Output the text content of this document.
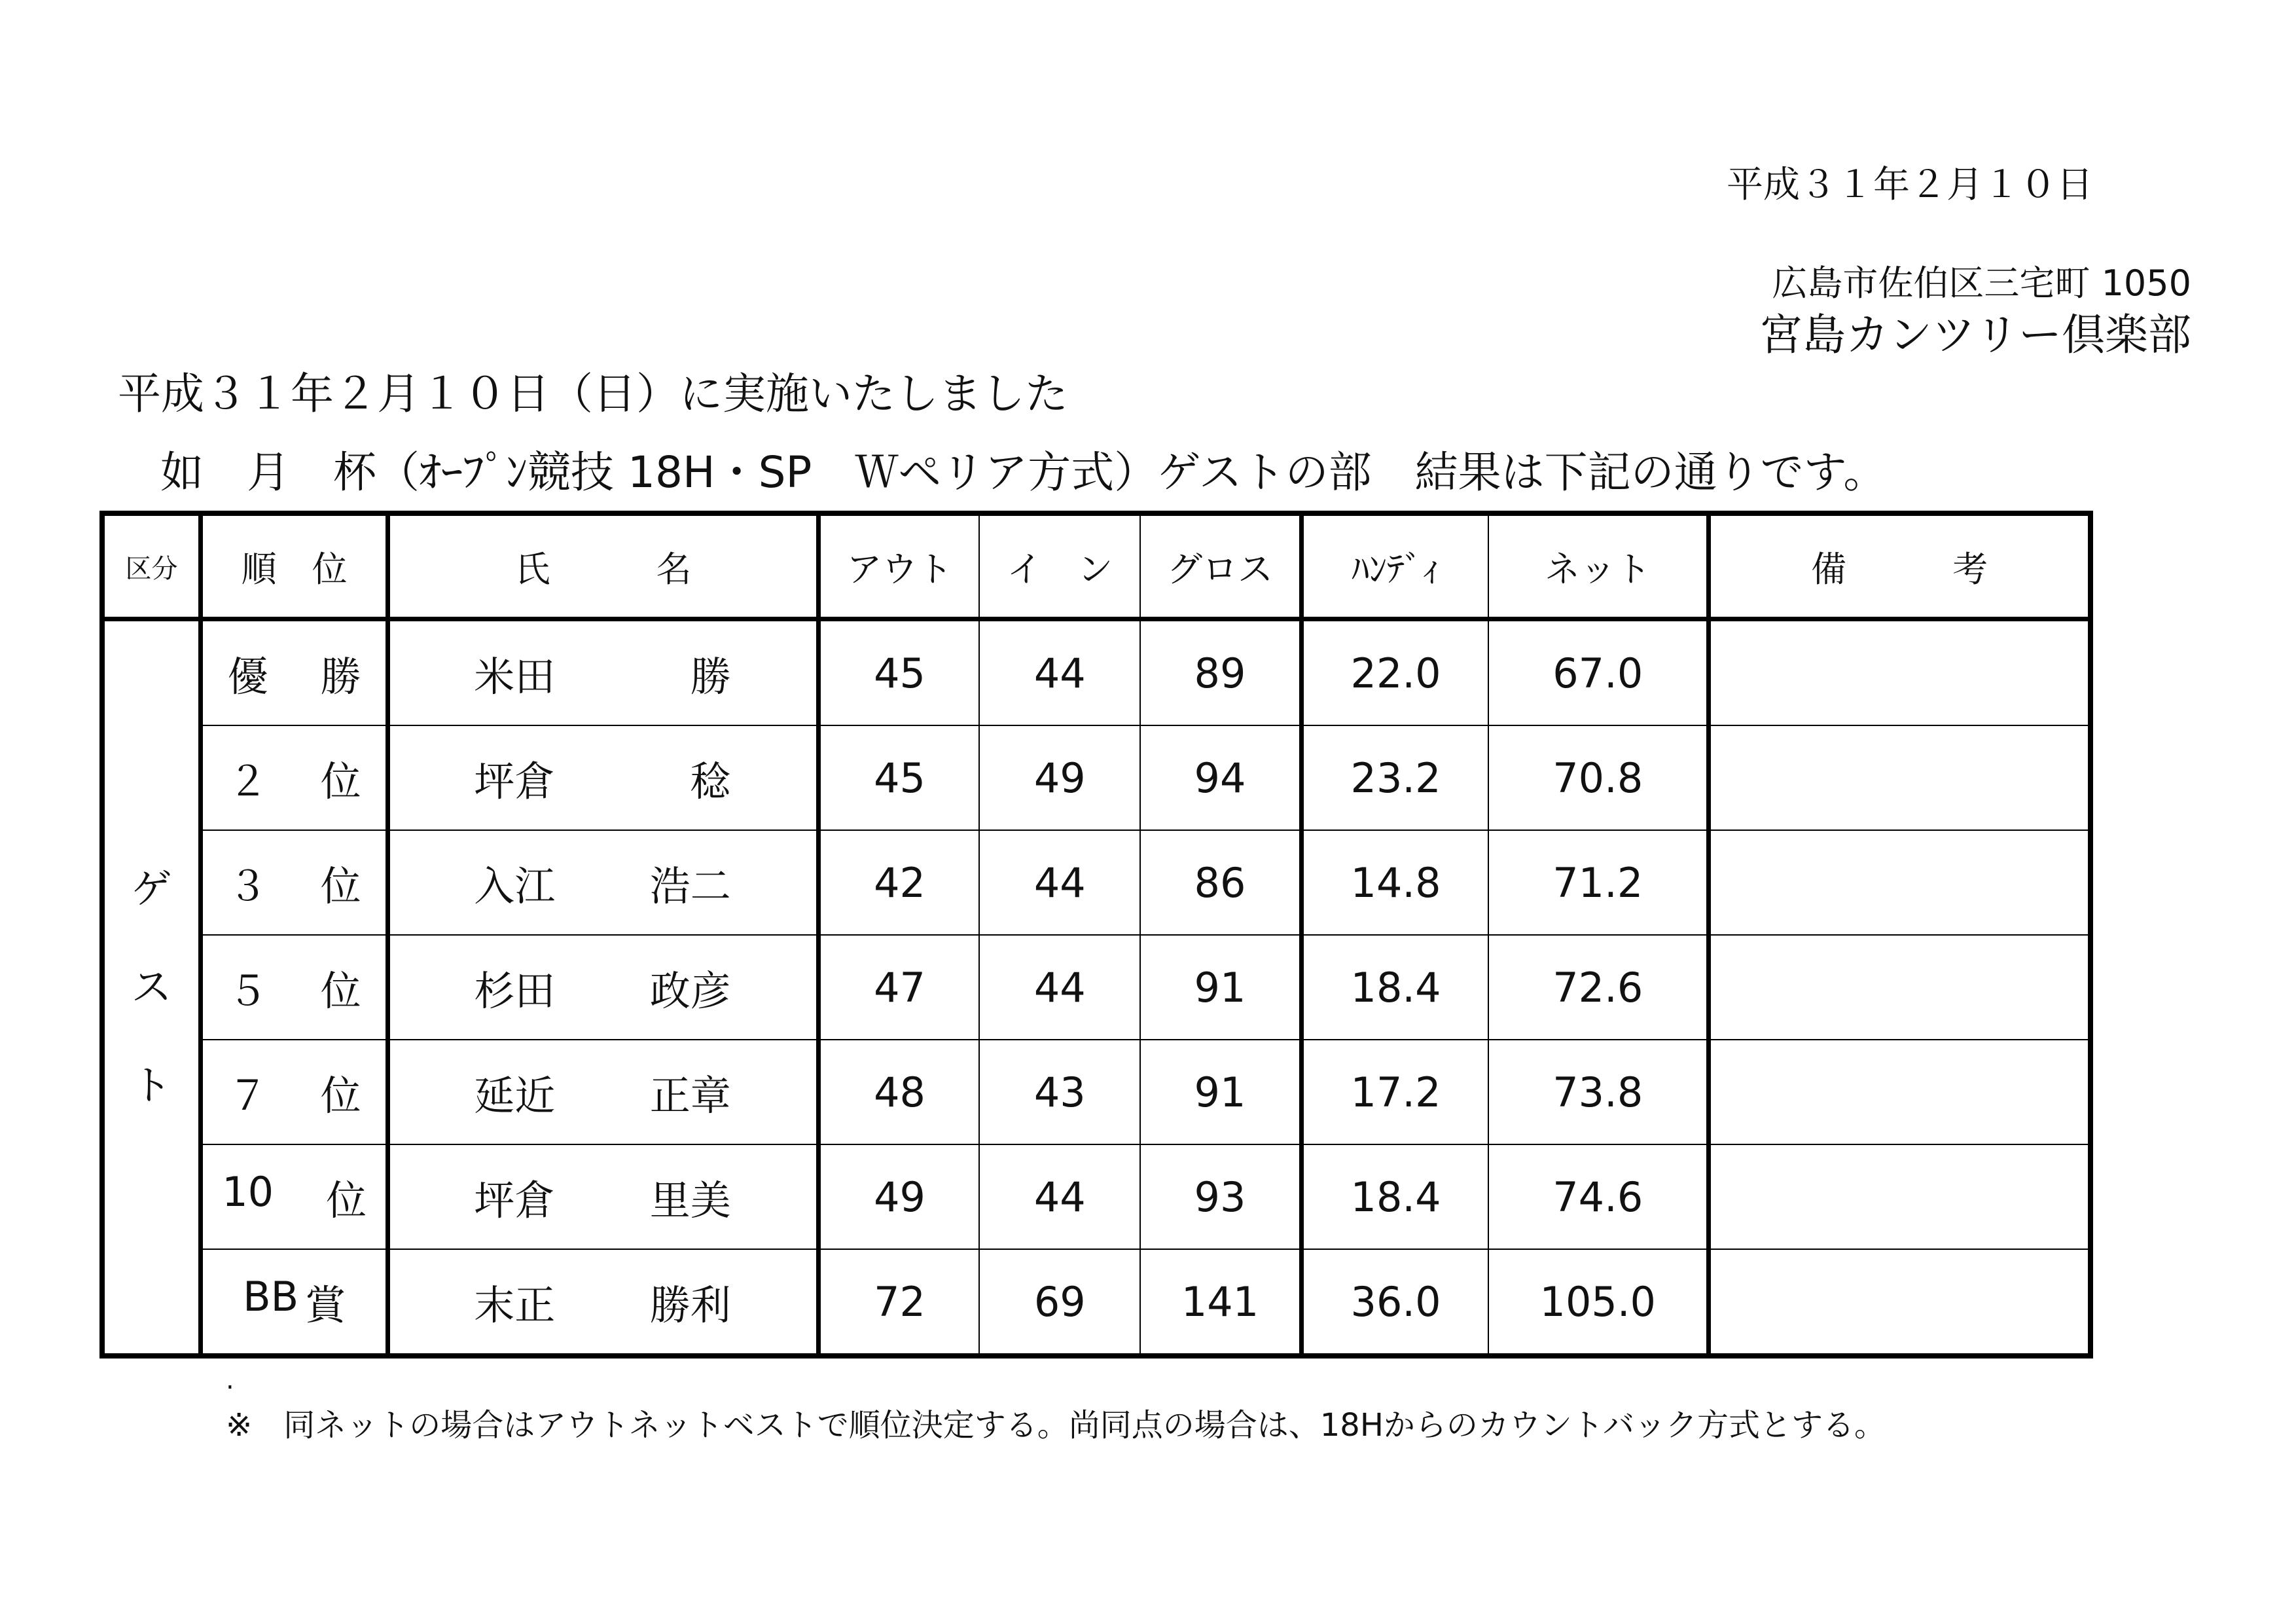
平成３１年２月１０日
広島市佐伯区三宅町 1050
宮島カンツリー倶楽部
平成３１年２月１０日（日）に実施いたしました
如　月　杯（ｵｰﾌﾟﾝ競技 18H・SP　Ｗペリア方式）ゲストの部　結果は下記の通りです。
区分	順　位	氏　　　名	アウト	イ　ン	グロス	ﾊﾝﾃﾞｨ	ネット	備　　　考

ゲ
ス
ト	優 勝	米田 勝	45	44	89	22.0	67.0	

	２ 位	坪倉 稔	45	49	94	23.2	70.8	

	３ 位	入江 浩二	42	44	86	14.8	71.2	

	５ 位	杉田 政彦	47	44	91	18.4	72.6	

	７ 位	延近 正章	48	43	91	17.2	73.8	

	10 位	坪倉 里美	49	44	93	18.4	74.6	

	BB 賞	末正 勝利	72	69	141	36.0	105.0	
.
※　同ネットの場合はアウトネットベストで順位決定する。尚同点の場合は、18Hからのカウントバック方式とする。
